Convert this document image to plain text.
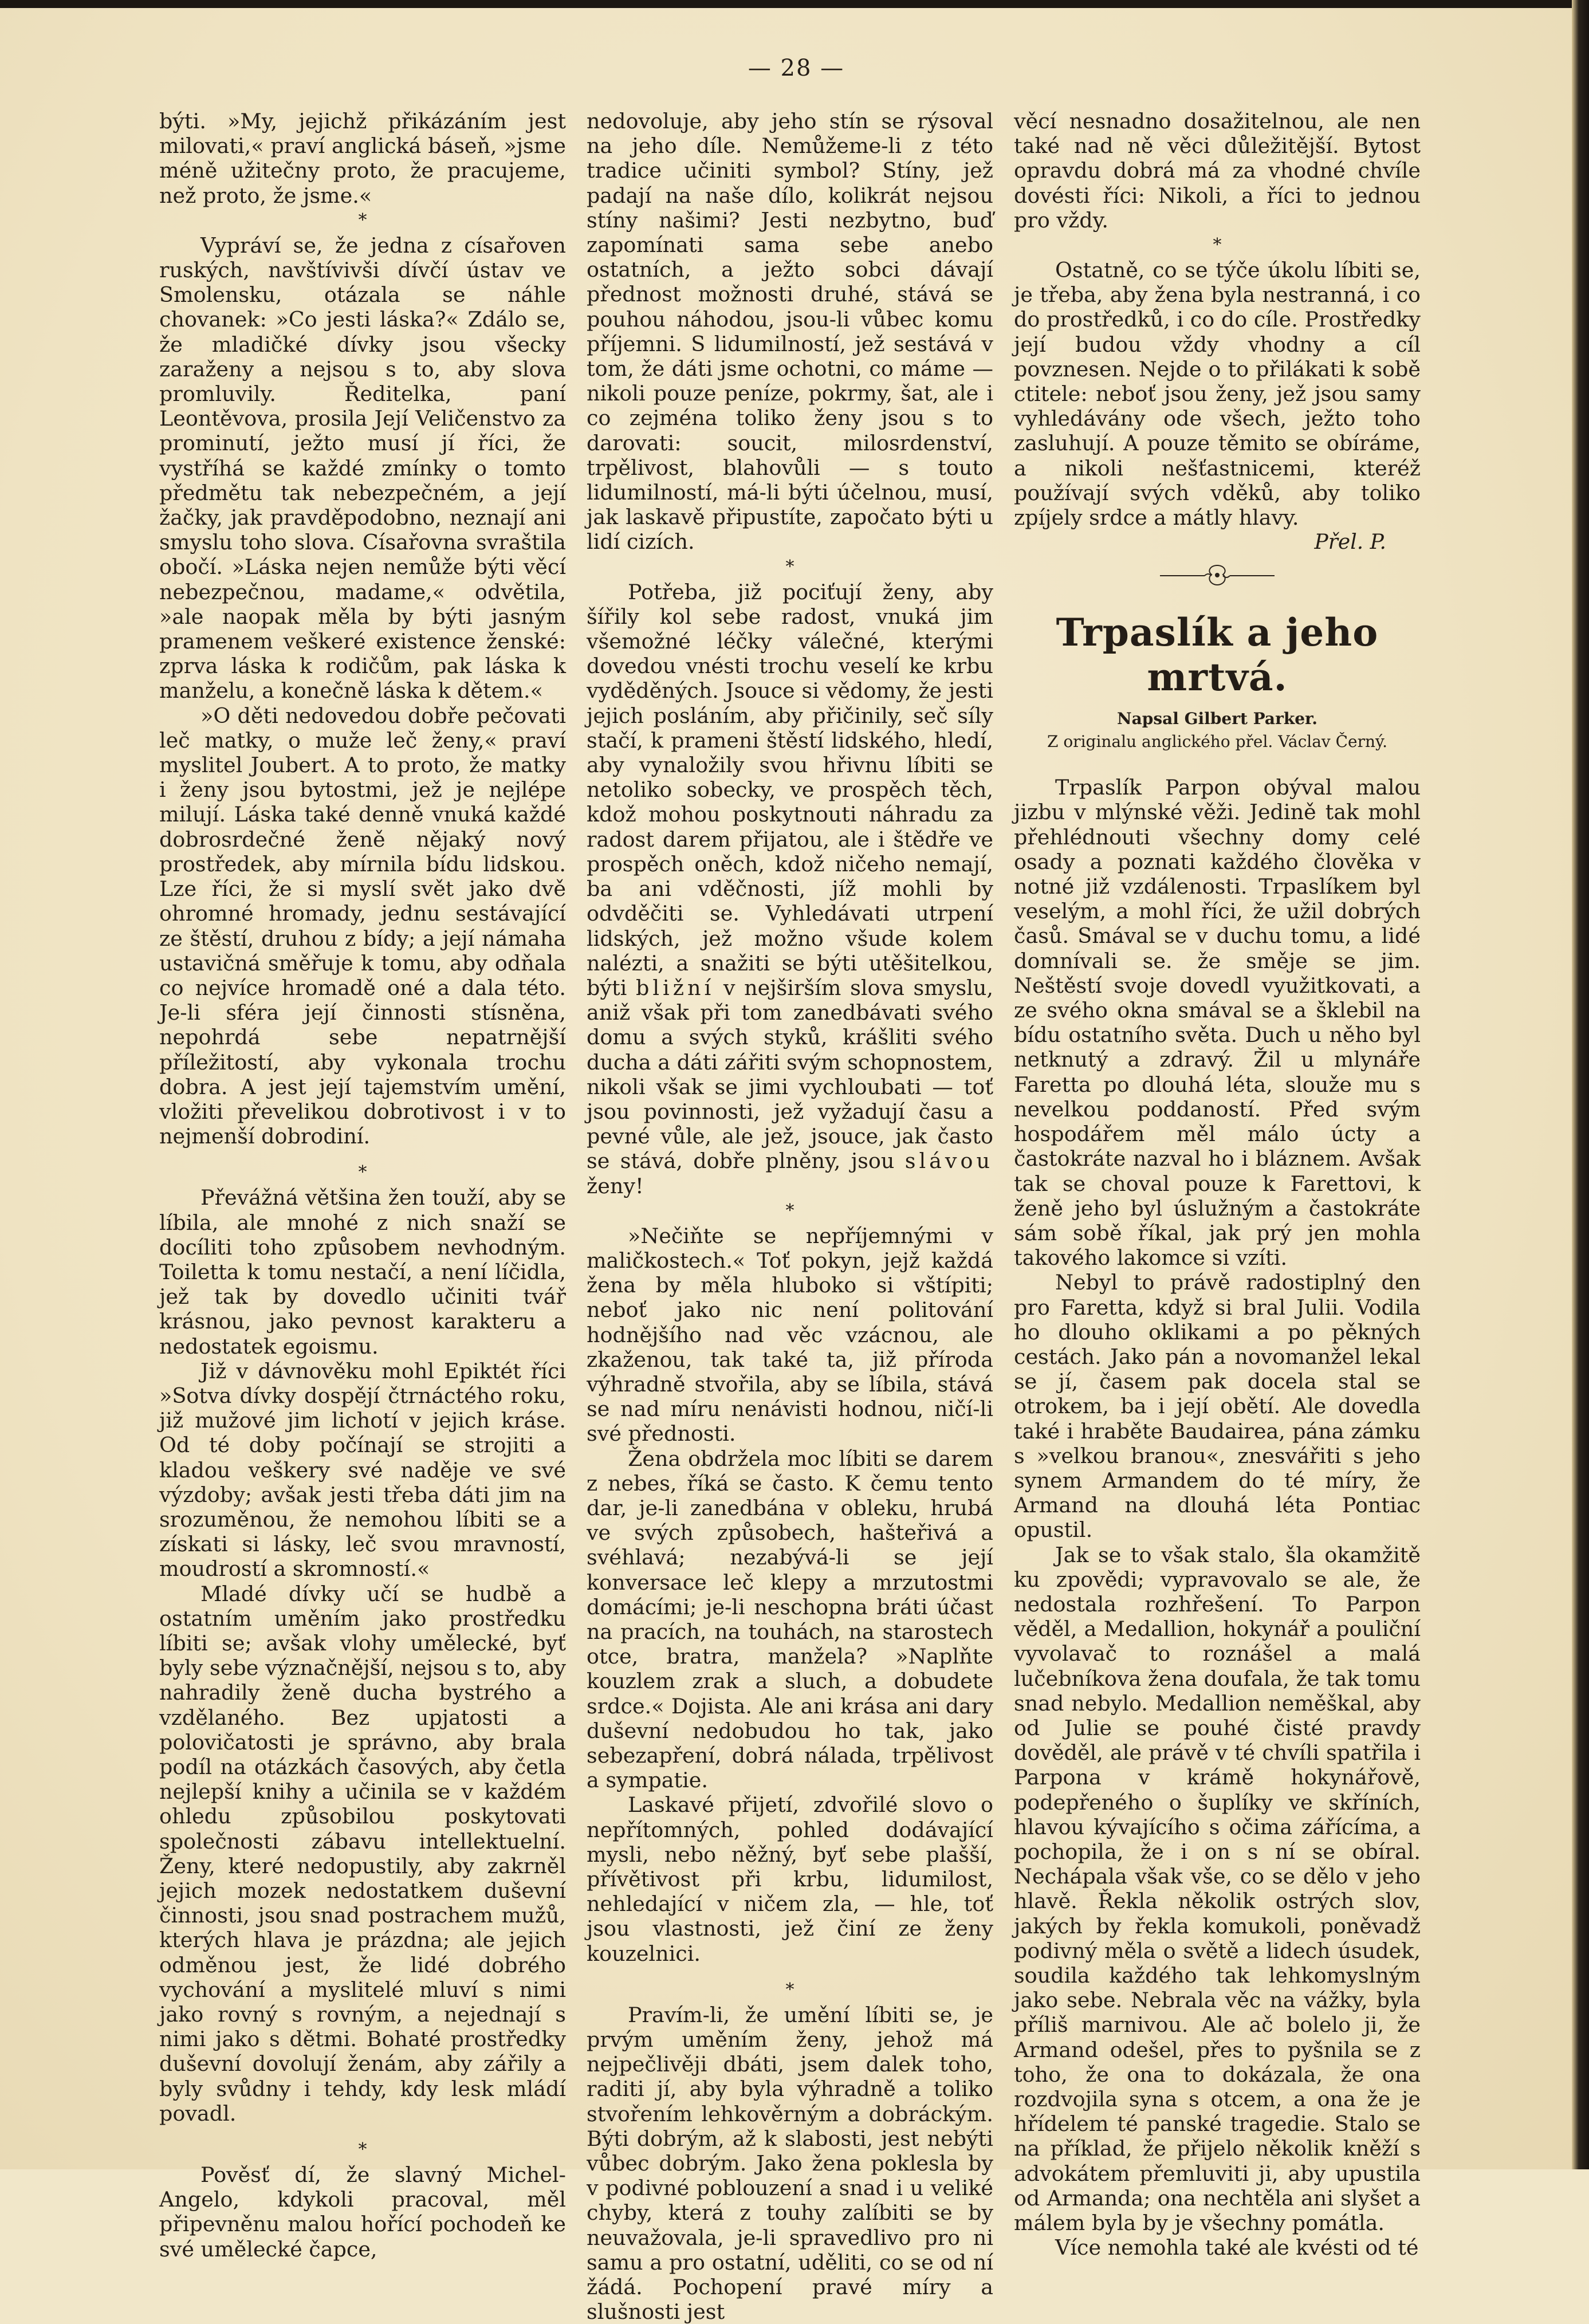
— 28 —

býti. »My, jejichž přikázáním jest milovati,« praví anglická báseň, »jsme méně užitečny proto, že pracujeme, než proto, že jsme.«

*

Vypráví se, že jedna z císařoven ruských, navštívivši dívčí ústav ve Smolensku, otázala se náhle chovanek: »Co jesti láska?« Zdálo se, že mladičké dívky jsou všecky zaraženy a nejsou s to, aby slova promluvily. Ředitelka, paní Leontěvova, prosila Její Veličenstvo za prominutí, ježto musí jí říci, že vystříhá se každé zmínky o tomto předmětu tak nebezpečném, a její žačky, jak pravděpodobno, neznají ani smyslu toho slova. Císařovna svraštila obočí. »Láska nejen nemůže býti věcí nebezpečnou, madame,« odvětila, »ale naopak měla by býti jasným pramenem veškeré existence ženské: zprva láska k rodičům, pak láska k manželu, a konečně láska k dětem.«

»O děti nedovedou dobře pečovati leč matky, o muže leč ženy,« praví myslitel Joubert. A to proto, že matky i ženy jsou bytostmi, jež je nejlépe milují. Láska také denně vnuká každé dobrosrdečné ženě nějaký nový prostředek, aby mírnila bídu lidskou. Lze říci, že si myslí svět jako dvě ohromné hromady, jednu sestávající ze štěstí, druhou z bídy; a její námaha ustavičná směřuje k tomu, aby odňala co nejvíce hromadě oné a dala této. Je-li sféra její činnosti stísněna, nepohrdá sebe nepatrnější příležitostí, aby vykonala trochu dobra. A jest její tajemstvím umění, vložiti převelikou dobrotivost i v to nejmenší dobrodiní.

*

Převážná většina žen touží, aby se líbila, ale mnohé z nich snaží se docíliti toho způsobem nevhodným. Toiletta k tomu nestačí, a není líčidla, jež tak by dovedlo učiniti tvář krásnou, jako pevnost karakteru a nedostatek egoismu.

Již v dávnověku mohl Epiktét říci »Sotva dívky dospějí čtrnáctého roku, již mužové jim lichotí v jejich kráse. Od té doby počínají se strojiti a kladou veškery své naděje ve své výzdoby; avšak jesti třeba dáti jim na srozuměnou, že nemohou líbiti se a získati si lásky, leč svou mravností, moudrostí a skromností.«

Mladé dívky učí se hudbě a ostatním uměním jako prostředku líbiti se; avšak vlohy umělecké, byť byly sebe význačnější, nejsou s to, aby nahradily ženě ducha bystrého a vzdělaného. Bez upjatosti a polovičatosti je správno, aby brala podíl na otázkách časových, aby četla nejlepší knihy a učinila se v každém ohledu způsobilou poskytovati společnosti zábavu intellektuelní. Ženy, které nedopustily, aby zakrněl jejich mozek nedostatkem duševní činnosti, jsou snad postrachem mužů, kterých hlava je prázdna; ale jejich odměnou jest, že lidé dobrého vychování a myslitelé mluví s nimi jako rovný s rovným, a nejednají s nimi jako s dětmi. Bohaté prostředky duševní dovolují ženám, aby zářily a byly svůdny i tehdy, kdy lesk mládí povadl.

*

Pověsť dí, že slavný Michel-Angelo, kdykoli pracoval, měl připevněnu malou hořící pochodeň ke své umělecké čapce,

nedovoluje, aby jeho stín se rýsoval na jeho díle. Nemůžeme-li z této tradice učiniti symbol? Stíny, jež padají na naše dílo, kolikrát nejsou stíny našimi? Jesti nezbytno, buď zapomínati sama sebe anebo ostatních, a ježto sobci dávají přednost možnosti druhé, stává se pouhou náhodou, jsou-li vůbec komu příjemni. S lidumilností, jež sestává v tom, že dáti jsme ochotni, co máme — nikoli pouze peníze, pokrmy, šat, ale i co zejména toliko ženy jsou s to darovati: soucit, milosrdenství, trpělivost, blahovůli — s touto lidumilností, má-li býti účelnou, musí, jak laskavě připustíte, započato býti u lidí cizích.

*

Potřeba, již pociťují ženy, aby šířily kol sebe radost, vnuká jim všemožné léčky válečné, kterými dovedou vnésti trochu veselí ke krbu vyděděných. Jsouce si vědomy, že jesti jejich posláním, aby přičinily, seč síly stačí, k prameni štěstí lidského, hledí, aby vynaložily svou hřivnu líbiti se netoliko sobecky, ve prospěch těch, kdož mohou poskytnouti náhradu za radost darem přijatou, ale i štědře ve prospěch oněch, kdož ničeho nemají, ba ani vděčnosti, jíž mohli by odvděčiti se. Vyhledávati utrpení lidských, jež možno všude kolem nalézti, a snažiti se býti utěšitelkou, býti bližní v nejširším slova smyslu, aniž však při tom zanedbávati svého domu a svých styků, krášliti svého ducha a dáti zářiti svým schopnostem, nikoli však se jimi vychloubati — toť jsou povinnosti, jež vyžadují času a pevné vůle, ale jež, jsouce, jak často se stává, dobře plněny, jsou slávou ženy!

*

»Nečiňte se nepříjemnými v maličkostech.« Toť pokyn, jejž každá žena by měla hluboko si vštípiti; neboť jako nic není politování hodnějšího nad věc vzácnou, ale zkaženou, tak také ta, již příroda výhradně stvořila, aby se líbila, stává se nad míru nenávisti hodnou, ničí-li své přednosti.

Žena obdržela moc líbiti se darem z nebes, říká se často. K čemu tento dar, je-li zanedbána v obleku, hrubá ve svých způsobech, hašteřivá a svéhlavá; nezabývá-li se její konversace leč klepy a mrzutostmi domácími; je-li neschopna bráti účast na pracích, na touhách, na starostech otce, bratra, manžela? »Naplňte kouzlem zrak a sluch, a dobudete srdce.« Dojista. Ale ani krása ani dary duševní nedobudou ho tak, jako sebezapření, dobrá nálada, trpělivost a sympatie.

Laskavé přijetí, zdvořilé slovo o nepřítomných, pohled dodávající mysli, nebo něžný, byť sebe plašší, přívětivost při krbu, lidumilost, nehledající v ničem zla, — hle, toť jsou vlastnosti, jež činí ze ženy kouzelnici.

*

Pravím-li, že umění líbiti se, je prvým uměním ženy, jehož má nejpečlivěji dbáti, jsem dalek toho, raditi jí, aby byla výhradně a toliko stvořením lehkověrným a dobráckým. Býti dobrým, až k slabosti, jest nebýti vůbec dobrým. Jako žena poklesla by v podivné poblouzení a snad i u veliké chyby, která z touhy zalíbiti se by neuvažovala, je-li spravedlivo pro ni samu a pro ostatní, uděliti, co se od ní žádá. Pochopení pravé míry a slušnosti jest

věcí nesnadno dosažitelnou, ale nen také nad ně věci důležitější. Bytost opravdu dobrá má za vhodné chvíle dovésti říci: Nikoli, a říci to jednou pro vždy.

*

Ostatně, co se týče úkolu líbiti se, je třeba, aby žena byla nestranná, i co do prostředků, i co do cíle. Prostředky její budou vždy vhodny a cíl povznesen. Nejde o to přilákati k sobě ctitele: neboť jsou ženy, jež jsou samy vyhledávány ode všech, ježto toho zasluhují. A pouze těmito se obíráme, a nikoli nešťastnicemi, kteréž používají svých vděků, aby toliko zpíjely srdce a mátly hlavy.

Přel. P.
Trpaslík a jeho mrtvá.
Napsal Gilbert Parker.
Z originalu anglického přel. Václav Černý.

Trpaslík Parpon obýval malou jizbu v mlýnské věži. Jedině tak mohl přehlédnouti všechny domy celé osady a poznati každého člověka v notné již vzdálenosti. Trpaslíkem byl veselým, a mohl říci, že užil dobrých časů. Smával se v duchu tomu, a lidé domnívali se. že směje se jim. Neštěstí svoje dovedl využitkovati, a ze svého okna smával se a šklebil na bídu ostatního světa. Duch u něho byl netknutý a zdravý. Žil u mlynáře Faretta po dlouhá léta, slouže mu s nevelkou poddaností. Před svým hospodářem měl málo úcty a častokráte nazval ho i bláznem. Avšak tak se choval pouze k Farettovi, k ženě jeho byl úslužným a častokráte sám sobě říkal, jak prý jen mohla takového lakomce si vzíti.

Nebyl to právě radostiplný den pro Faretta, když si bral Julii. Vodila ho dlouho oklikami a po pěkných cestách. Jako pán a novomanžel lekal se jí, časem pak docela stal se otrokem, ba i její obětí. Ale dovedla také i hraběte Baudairea, pána zámku s »velkou branou«, znesvářiti s jeho synem Armandem do té míry, že Armand na dlouhá léta Pontiac opustil.

Jak se to však stalo, šla okamžitě ku zpovědi; vypravovalo se ale, že nedostala rozhřešení. To Parpon věděl, a Medallion, hokynář a pouliční vyvolavač to roznášel a malá lučebníkova žena doufala, že tak tomu snad nebylo. Medallion neměškal, aby od Julie se pouhé čisté pravdy dověděl, ale právě v té chvíli spatřila i Parpona v krámě hokynářově, podepřeného o šuplíky ve skříních, hlavou kývajícího s očima zářícíma, a pochopila, že i on s ní se obíral. Nechápala však vše, co se dělo v jeho hlavě. Řekla několik ostrých slov, jakých by řekla komukoli, poněvadž podivný měla o světě a lidech úsudek, soudila každého tak lehkomyslným jako sebe. Nebrala věc na vážky, byla příliš marnivou. Ale ač bolelo ji, že Armand odešel, přes to pyšnila se z toho, že ona to dokázala, že ona rozdvojila syna s otcem, a ona že je hřídelem té panské tragedie. Stalo se na příklad, že přijelo několik kněží s advokátem přemluviti ji, aby upustila od Armanda; ona nechtěla ani slyšet a málem byla by je všechny pomátla.

Více nemohla také ale kvésti od té
